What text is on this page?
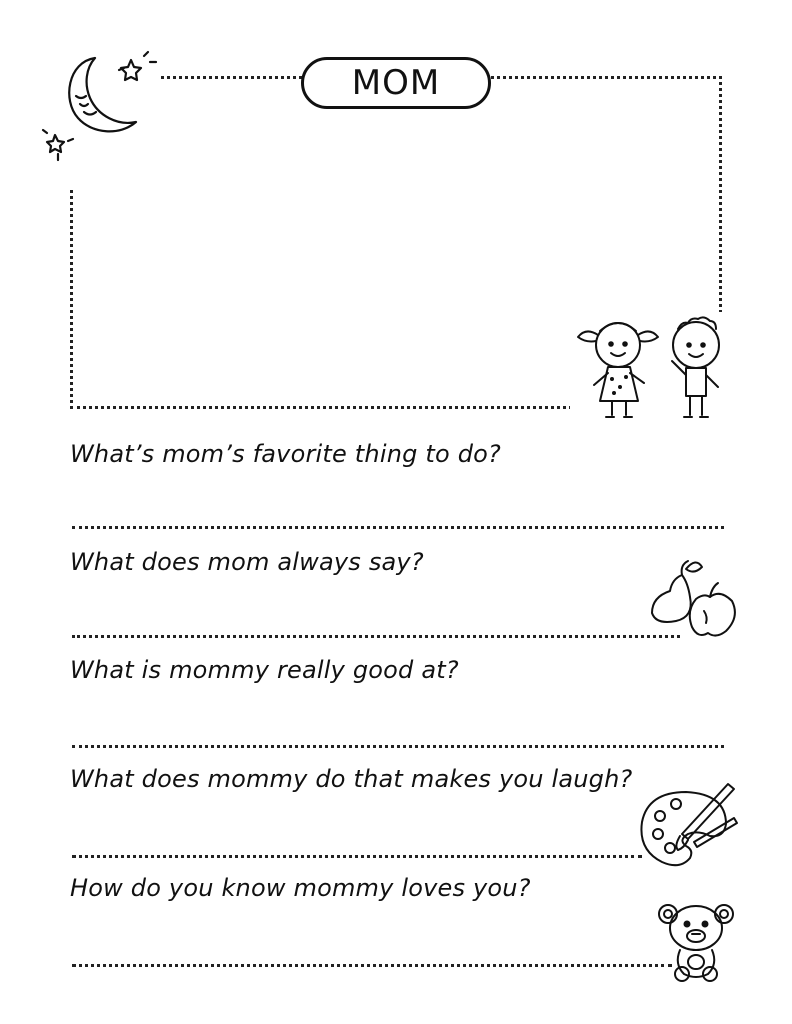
MOM
What’s mom’s favorite thing to do?
What does mom always say?
What is mommy really good at?
What does mommy do that makes you laugh?
How do you know mommy loves you?
